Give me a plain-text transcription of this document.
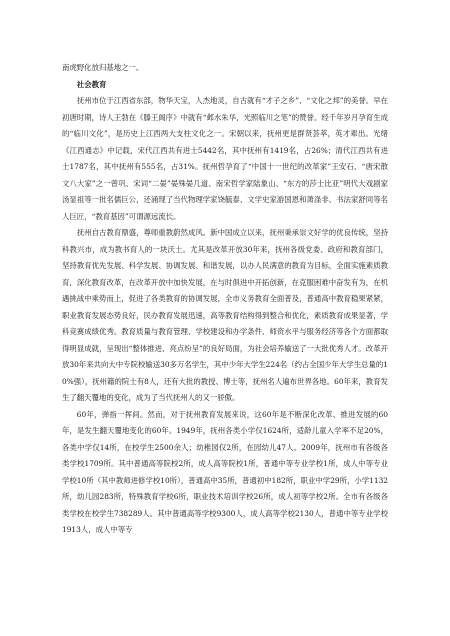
南虎野化放归基地之一。

社会教育

抚州市位于江西省东部，物华天宝，人杰地灵，自古就有“才子之乡”、“文化之邦”的美誉。早在初唐时期，诗人王勃在《滕王阁序》中就有“邺水朱华，光照临川之笔”的赞誉。经千年岁月孕育生成的“临川文化”，是历史上江西两大支柱文化之一。宋朝以来，抚州更是群贤荟萃，英才辈出。光绪《江西通志》中记载，宋代江西共有进士5442名，其中抚州有1419名，占26%；清代江西共有进士1787名，其中抚州有555名，占31%。抚州哲孕育了“中国十一世纪的改革家”王安石、“唐宋散文八大家”之一曾巩、宋词“二晏”晏殊晏几道、南宋哲学家陆象山、“东方的莎士比亚”明代大戏剧家汤显祖等一批名儒巨公，还涌现了当代物理学家饶毓泰、文学史家游国恩和萧涤非、书法家舒同等名人巨匠，“教育基因”可谓源远流长。

抚州自古教育鼎盛，尊师重教蔚然成风。新中国成立以来，抚州秉承崇文好学的优良传统，坚持科教兴市，成为教书育人的一块沃土。尤其是改革开放30年来，抚州各级党委、政府和教育部门，坚持教育优先发展、科学发展、协调发展、和谐发展，以办人民满意的教育为目标，全面实施素质教育，深化教育改革，在改革开放中加快发展，在与时俱进中开拓创新，在克服困难中奋发有为，在机遇挑战中乘势而上，促进了各类教育的协调发展，全市义务教育全面普及，普通高中教育稳果紧紧，职业教育发展态势良好，民办教育发展迅速，高等教育结构得到整合和优化，素质教育成果显著，学科竞赛成绩优秀。教育质量与教育管理、学校建设和办学条件、师资水平与服务经济等各个方面都取得明显成就，呈现出“整体推进、亮点纷呈”的良好局面，为社会培养输送了一大批优秀人才。改革开放30年来共向大中专院校输送30多万名学生，其中少年大学生224名（约占全国少年大学生总量的10%强），抚州籍的院士有8人，还有大批的教授、博士等，抚州名人遍布世界各地。60年来，教育发生了翻天覆地的变化，成为了当代抚州人的又一骄傲。

60年，弹指一挥间。然而，对于抚州教育发展来说，这60年是不断深化改革、推进发展的60年，是发生翻天覆地变化的60年。1949年，抚州各类小学仅1624所，适龄儿童入学率不足20%，各类中学仅14所，在校学生2500余人；幼稚园仅2所，在园幼儿47人。2009年，抚州市有各级各类学校1709所。其中普通高等院校2所，成人高等院校1所，普通中等专业学校1所，成人中等专业学校10所（其中教师进修学校10所），普通高中35所，普通初中182所，职业中学29所，小学1132所，幼儿园283所，特殊教育学校6所，职业技术培训学校26所，成人初等学校2所。全市有各级各类学校在校学生738289人。其中普通高等学校9300人，成人高等学校2130人，普通中等专业学校1913人，成人中等专
